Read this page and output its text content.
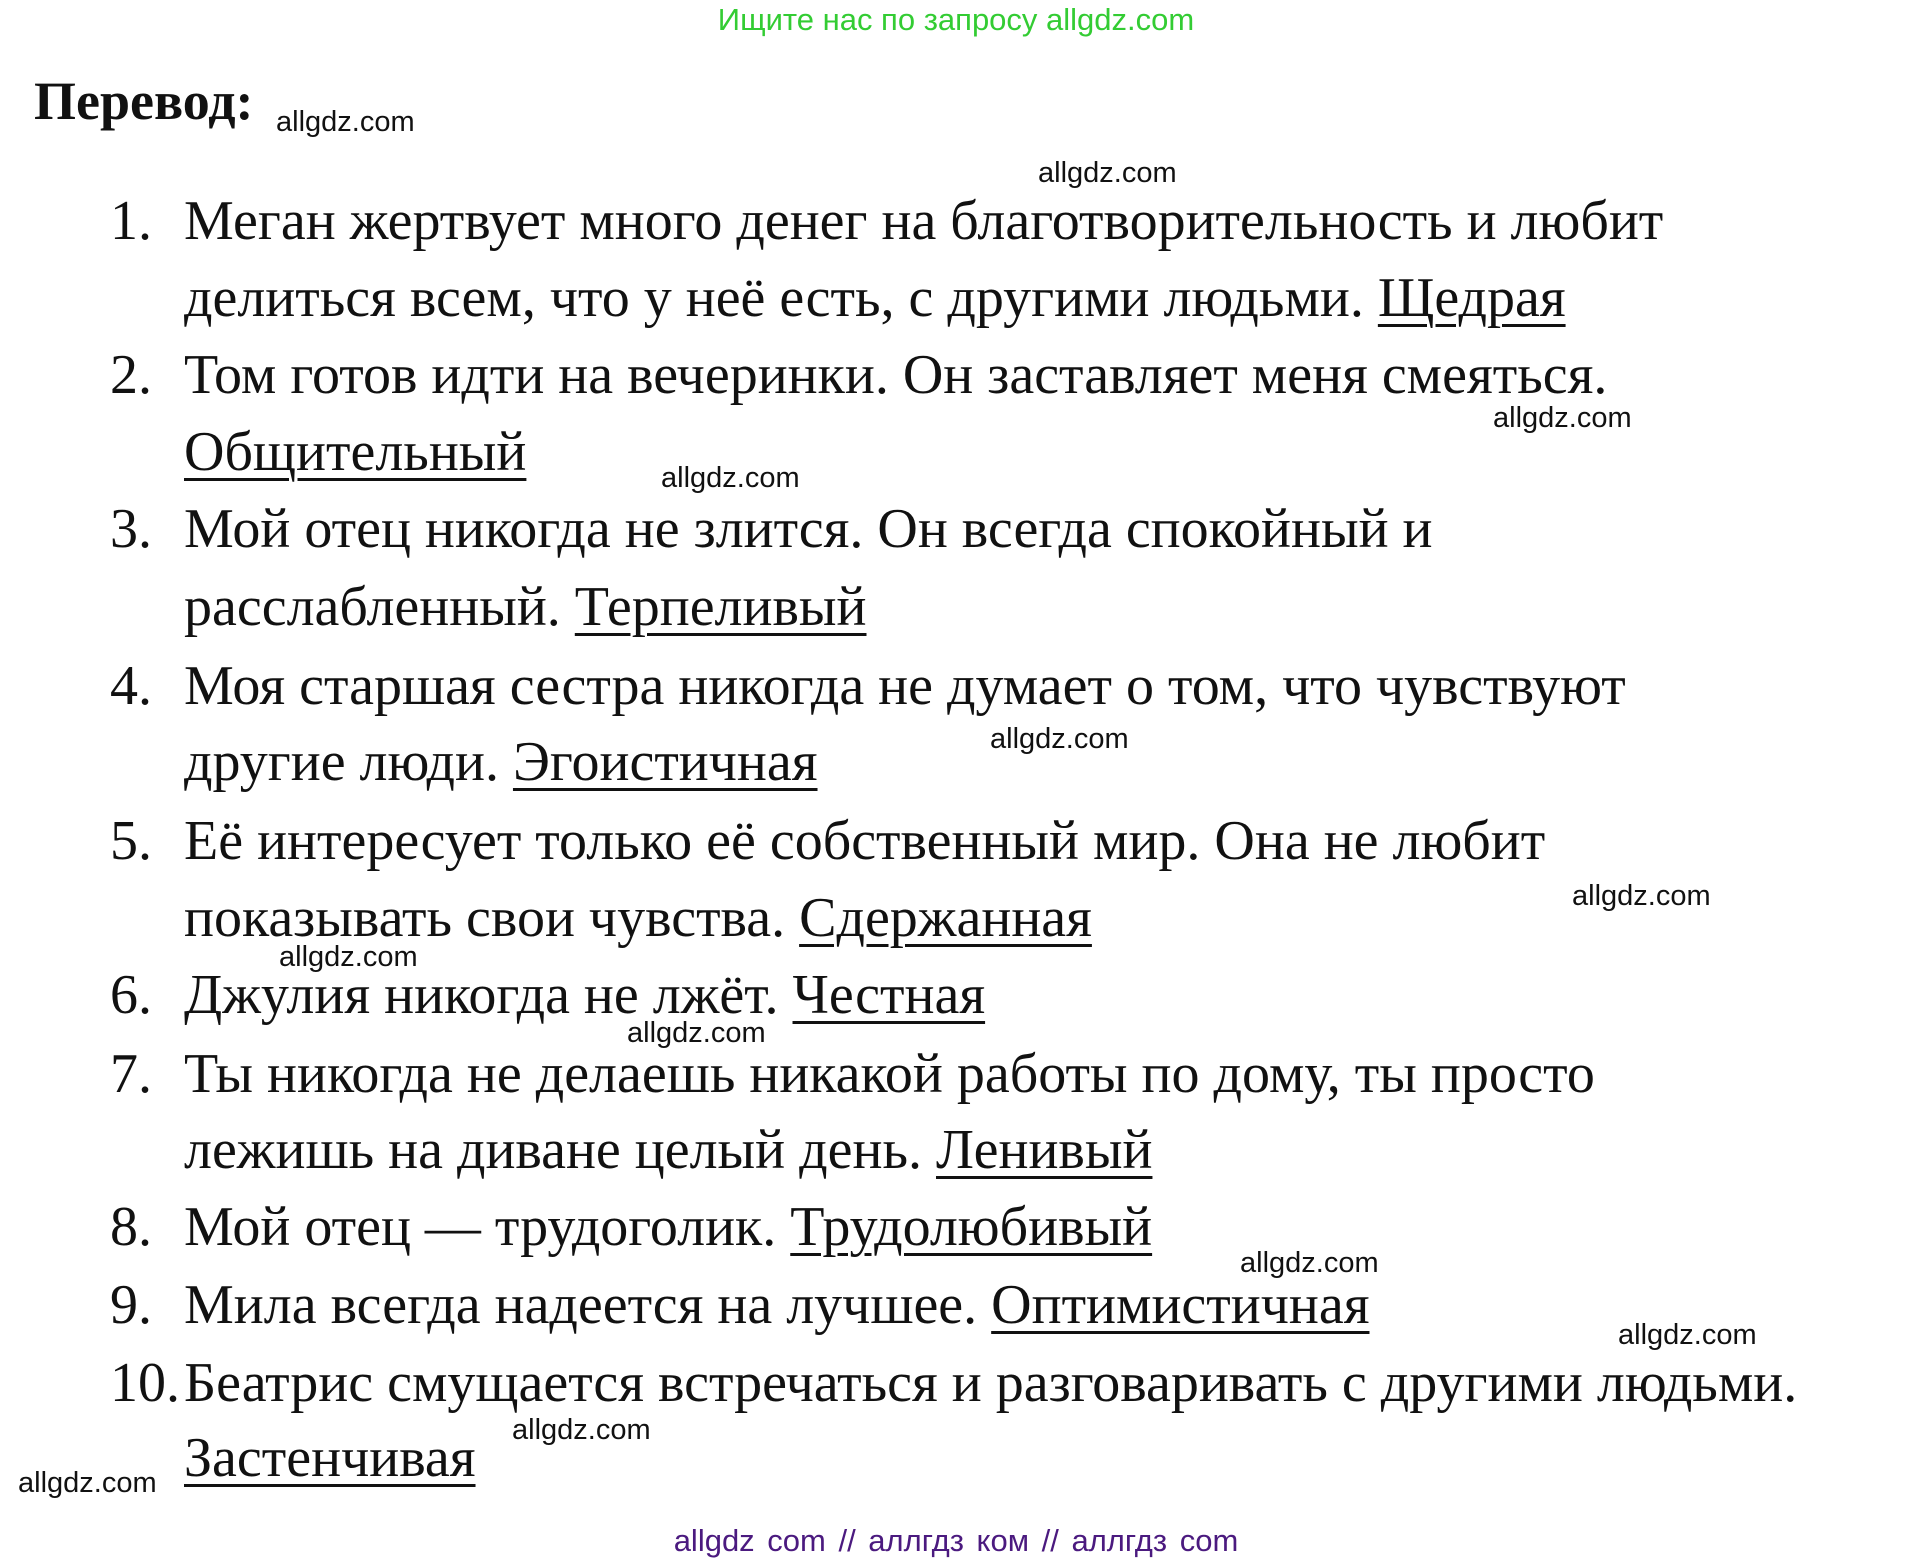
Ищите нас по запросу allgdz.com
Перевод:
1. Меган жертвует много денег на благотворительность и любит
делиться всем, что у неё есть, с другими людьми. Щедрая
2. Том готов идти на вечеринки. Он заставляет меня смеяться.
Общительный
3. Мой отец никогда не злится. Он всегда спокойный и
расслабленный. Терпеливый
4. Моя старшая сестра никогда не думает о том, что чувствуют
другие люди. Эгоистичная
5. Её интересует только её собственный мир. Она не любит
показывать свои чувства. Сдержанная
6. Джулия никогда не лжёт. Честная
7. Ты никогда не делаешь никакой работы по дому, ты просто
лежишь на диване целый день. Ленивый
8. Мой отец — трудоголик. Трудолюбивый
9. Мила всегда надеется на лучшее. Оптимистичная
10. Беатрис смущается встречаться и разговаривать с другими людьми.
Застенчивая
allgdz.com
allgdz.com
allgdz.com
allgdz.com
allgdz.com
allgdz.com
allgdz.com
allgdz.com
allgdz.com
allgdz.com
allgdz.com
allgdz.com
allgdz com // аллгдз ком // аллгдз com
